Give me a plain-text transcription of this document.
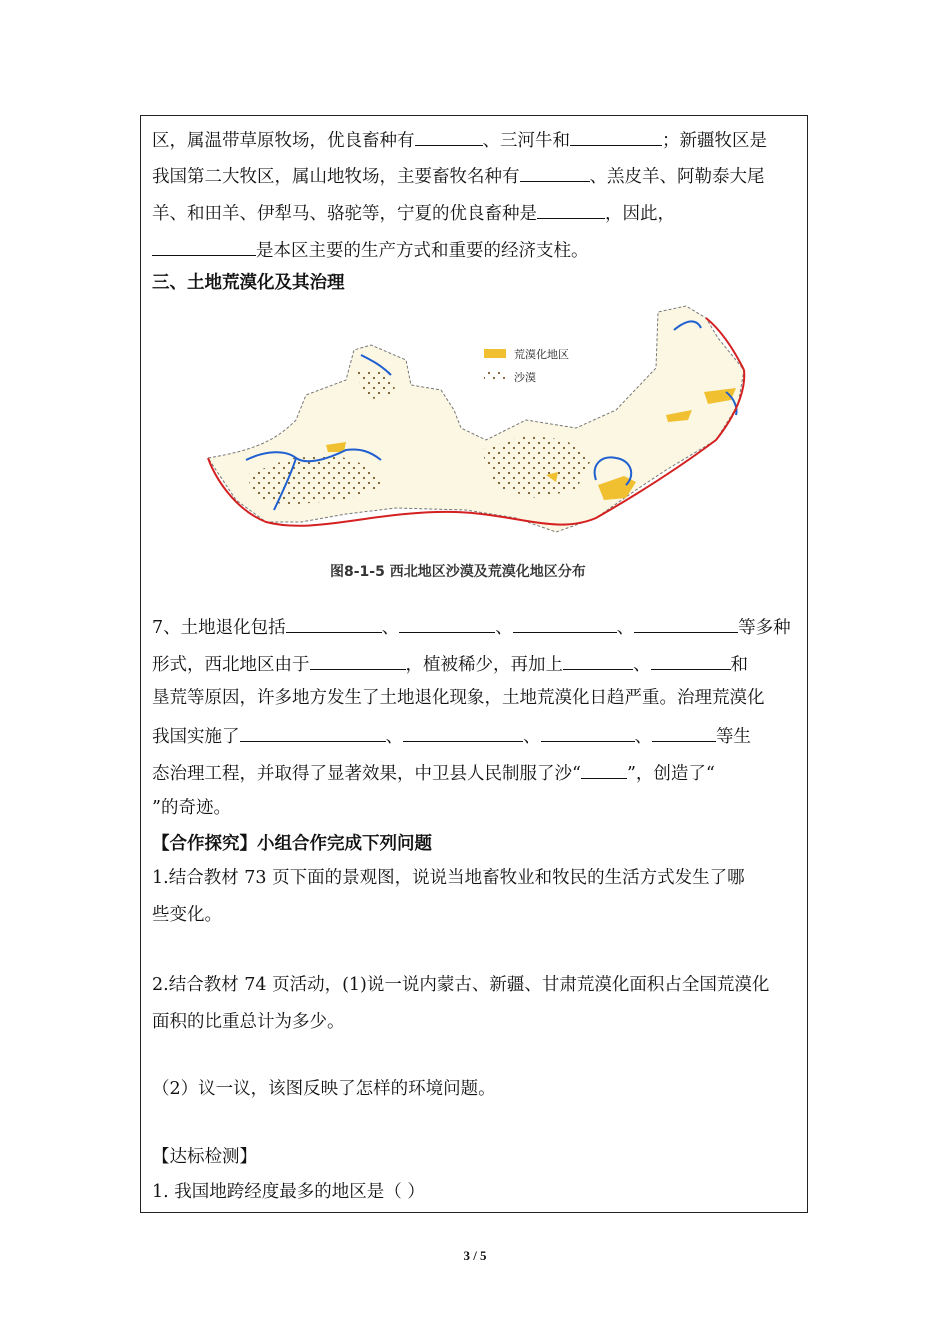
区，属温带草原牧场，优良畜种有	、三河牛和	；新疆牧区是
我国第二大牧区，属山地牧场，主要畜牧名种有	、羔皮羊、阿勒泰大尾
羊、和田羊、伊犁马、骆驼等，宁夏的优良畜种是	，因此，
是本区主要的生产方式和重要的经济支柱。
三、土地荒漠化及其治理
荒漠化地区
沙漠
图8-1-5 西北地区沙漠及荒漠化地区分布
7、土地退化包括	、	、	、	等多种
形式，西北地区由于	，植被稀少，再加上	、	和
垦荒等原因，许多地方发生了土地退化现象，土地荒漠化日趋严重。治理荒漠化
我国实施了	、	、	、	等生
态治理工程，并取得了显著效果，中卫县人民制服了沙“	”，创造了“
”的奇迹。
【合作探究】小组合作完成下列问题
1.结合教材 73 页下面的景观图，说说当地畜牧业和牧民的生活方式发生了哪
些变化。
2.结合教材 74 页活动，(1)说一说内蒙古、新疆、甘肃荒漠化面积占全国荒漠化
面积的比重总计为多少。
（2）议一议，该图反映了怎样的环境问题。
【达标检测】
1. 我国地跨经度最多的地区是（ ）
3 / 5
